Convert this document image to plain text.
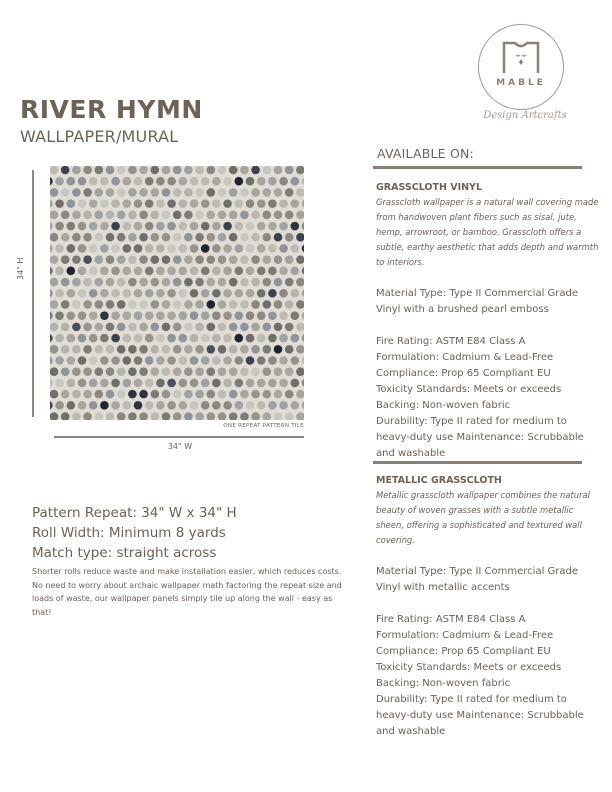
MABLE
Design Artcrafts
RIVER HYMN
WALLPAPER/MURAL
34" H
ONE REPEAT PATTERN TILE
34" W
Pattern Repeat: 34" W x 34" H
Roll Width: Minimum 8 yards
Match type: straight across
Shorter rolls reduce waste and make installation easier, which reduces costs. No need to worry about archaic wallpaper math factoring the repeat size and loads of waste, our wallpaper panels simply tile up along the wall - easy as that!
AVAILABLE ON:
GRASSCLOTH VINYL
Grasscloth wallpaper is a natural wall covering made from handwoven plant fibers such as sisal, jute, hemp, arrowroot, or bamboo. Grasscloth offers a subtle, earthy aesthetic that adds depth and warmth to interiors.
Material Type: Type II Commercial Grade Vinyl with a brushed pearl emboss
Fire Rating: ASTM E84 Class A
Formulation: Cadmium & Lead-Free
Compliance: Prop 65 Compliant EU
Toxicity Standards: Meets or exceeds
Backing: Non-woven fabric
Durability: Type II rated for medium to heavy-duty use Maintenance: Scrubbable and washable
METALLIC GRASSCLOTH
Metallic grasscloth wallpaper combines the natural beauty of woven grasses with a subtle metallic sheen, offering a sophisticated and textured wall covering.
Material Type: Type II Commercial Grade Vinyl with metallic accents
Fire Rating: ASTM E84 Class A
Formulation: Cadmium & Lead-Free
Compliance: Prop 65 Compliant EU
Toxicity Standards: Meets or exceeds
Backing: Non-woven fabric
Durability: Type II rated for medium to heavy-duty use Maintenance: Scrubbable and washable
